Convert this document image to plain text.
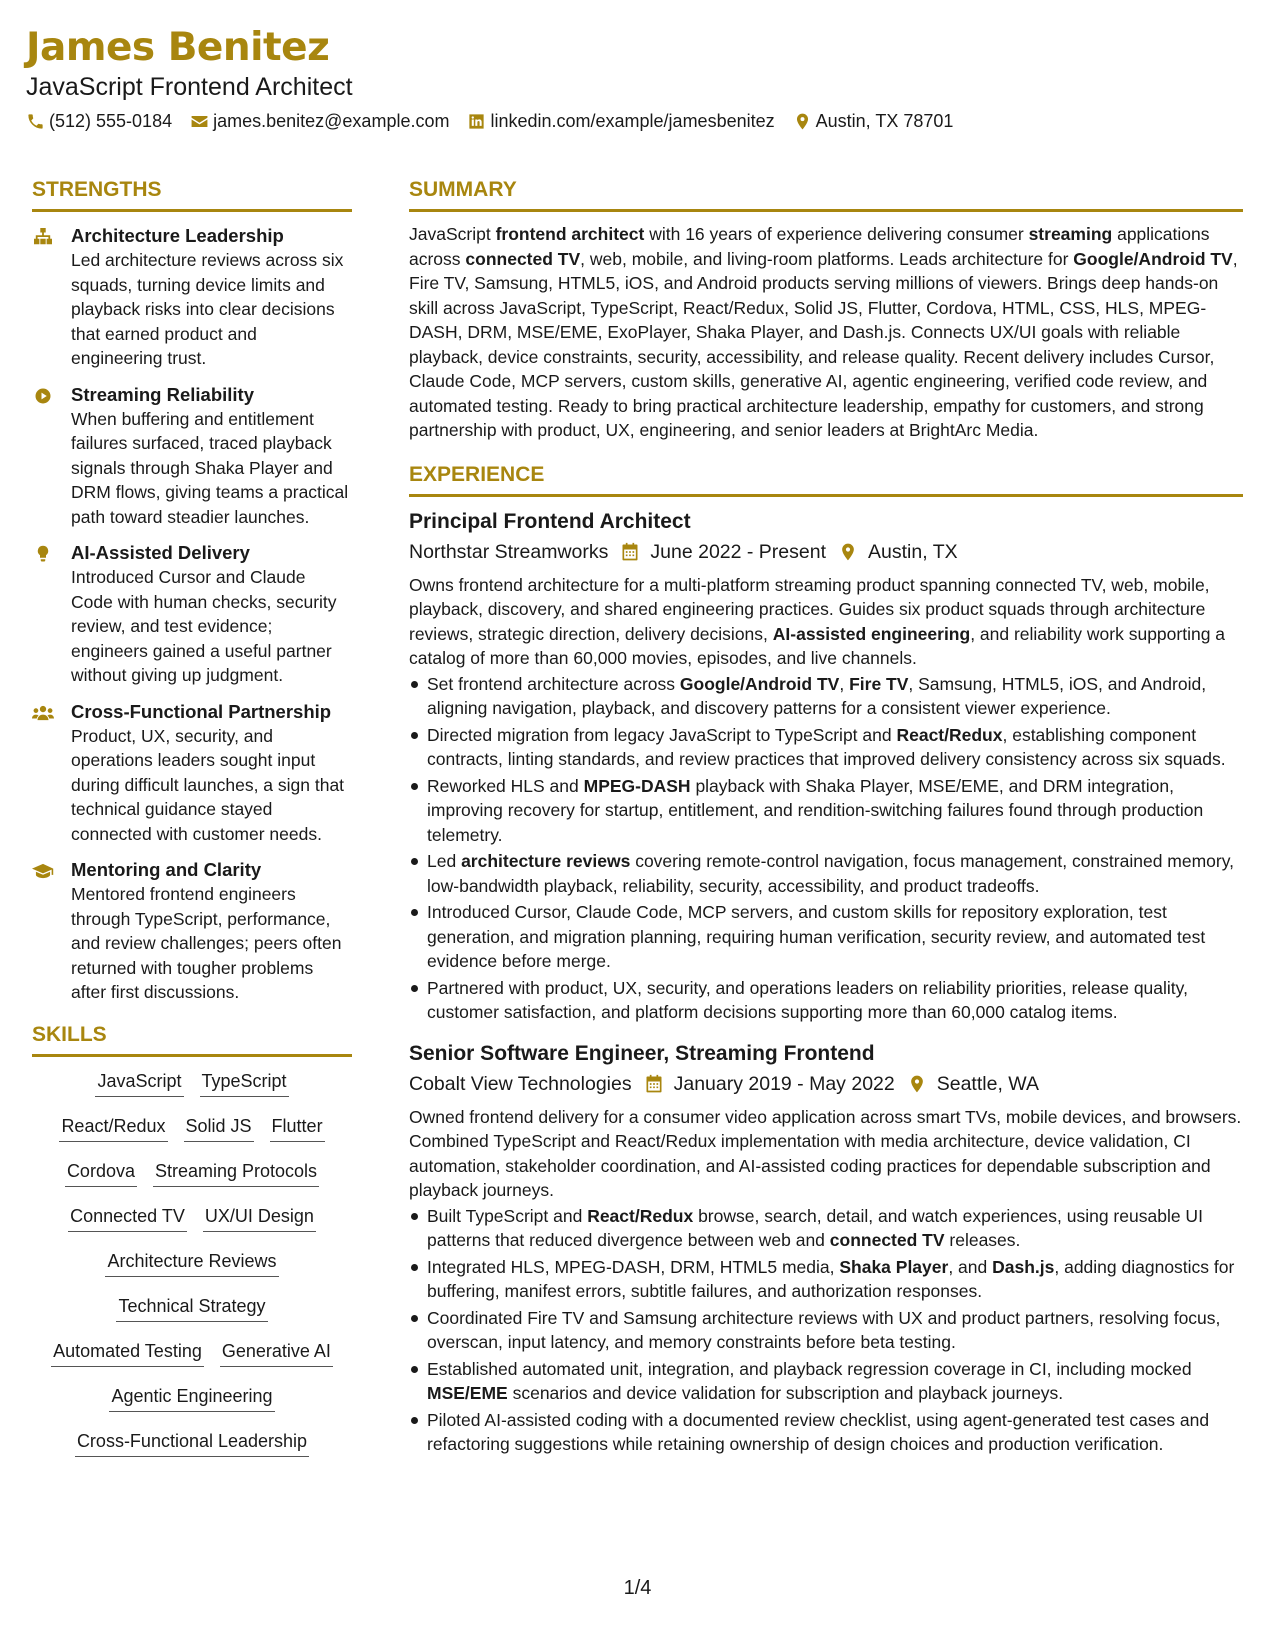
James Benitez
JavaScript Frontend Architect
(512) 555-0184 james.benitez@example.com linkedin.com/example/jamesbenitez Austin, TX 78701
STRENGTHS
Architecture Leadership
Led architecture reviews across six squads, turning device limits and playback risks into clear decisions that earned product and engineering trust.
Streaming Reliability
When buffering and entitlement failures surfaced, traced playback signals through Shaka Player and DRM flows, giving teams a practical path toward steadier launches.
AI-Assisted Delivery
Introduced Cursor and Claude Code with human checks, security review, and test evidence; engineers gained a useful partner without giving up judgment.
Cross-Functional Partnership
Product, UX, security, and operations leaders sought input during difficult launches, a sign that technical guidance stayed connected with customer needs.
Mentoring and Clarity
Mentored frontend engineers through TypeScript, performance, and review challenges; peers often returned with tougher problems after first discussions.
SKILLS
JavaScript TypeScript
React/Redux Solid JS Flutter
Cordova Streaming Protocols
Connected TV UX/UI Design
Architecture Reviews
Technical Strategy
Automated Testing Generative AI
Agentic Engineering
Cross-Functional Leadership
SUMMARY
JavaScript frontend architect with 16 years of experience delivering consumer streaming applications across connected TV, web, mobile, and living-room platforms. Leads architecture for Google/Android TV, Fire TV, Samsung, HTML5, iOS, and Android products serving millions of viewers. Brings deep hands-on skill across JavaScript, TypeScript, React/Redux, Solid JS, Flutter, Cordova, HTML, CSS, HLS, MPEG-DASH, DRM, MSE/EME, ExoPlayer, Shaka Player, and Dash.js. Connects UX/UI goals with reliable playback, device constraints, security, accessibility, and release quality. Recent delivery includes Cursor, Claude Code, MCP servers, custom skills, generative AI, agentic engineering, verified code review, and automated testing. Ready to bring practical architecture leadership, empathy for customers, and strong partnership with product, UX, engineering, and senior leaders at BrightArc Media.
EXPERIENCE
Principal Frontend Architect
Northstar Streamworks June 2022 - Present Austin, TX
Owns frontend architecture for a multi-platform streaming product spanning connected TV, web, mobile, playback, discovery, and shared engineering practices. Guides six product squads through architecture reviews, strategic direction, delivery decisions, AI-assisted engineering, and reliability work supporting a catalog of more than 60,000 movies, episodes, and live channels.
Set frontend architecture across Google/Android TV, Fire TV, Samsung, HTML5, iOS, and Android, aligning navigation, playback, and discovery patterns for a consistent viewer experience.
Directed migration from legacy JavaScript to TypeScript and React/Redux, establishing component contracts, linting standards, and review practices that improved delivery consistency across six squads.
Reworked HLS and MPEG-DASH playback with Shaka Player, MSE/EME, and DRM integration, improving recovery for startup, entitlement, and rendition-switching failures found through production telemetry.
Led architecture reviews covering remote-control navigation, focus management, constrained memory, low-bandwidth playback, reliability, security, accessibility, and product tradeoffs.
Introduced Cursor, Claude Code, MCP servers, and custom skills for repository exploration, test generation, and migration planning, requiring human verification, security review, and automated test evidence before merge.
Partnered with product, UX, security, and operations leaders on reliability priorities, release quality, customer satisfaction, and platform decisions supporting more than 60,000 catalog items.
Senior Software Engineer, Streaming Frontend
Cobalt View Technologies January 2019 - May 2022 Seattle, WA
Owned frontend delivery for a consumer video application across smart TVs, mobile devices, and browsers. Combined TypeScript and React/Redux implementation with media architecture, device validation, CI automation, stakeholder coordination, and AI-assisted coding practices for dependable subscription and playback journeys.
Built TypeScript and React/Redux browse, search, detail, and watch experiences, using reusable UI patterns that reduced divergence between web and connected TV releases.
Integrated HLS, MPEG-DASH, DRM, HTML5 media, Shaka Player, and Dash.js, adding diagnostics for buffering, manifest errors, subtitle failures, and authorization responses.
Coordinated Fire TV and Samsung architecture reviews with UX and product partners, resolving focus, overscan, input latency, and memory constraints before beta testing.
Established automated unit, integration, and playback regression coverage in CI, including mocked MSE/EME scenarios and device validation for subscription and playback journeys.
Piloted AI-assisted coding with a documented review checklist, using agent-generated test cases and refactoring suggestions while retaining ownership of design choices and production verification.
1/4
